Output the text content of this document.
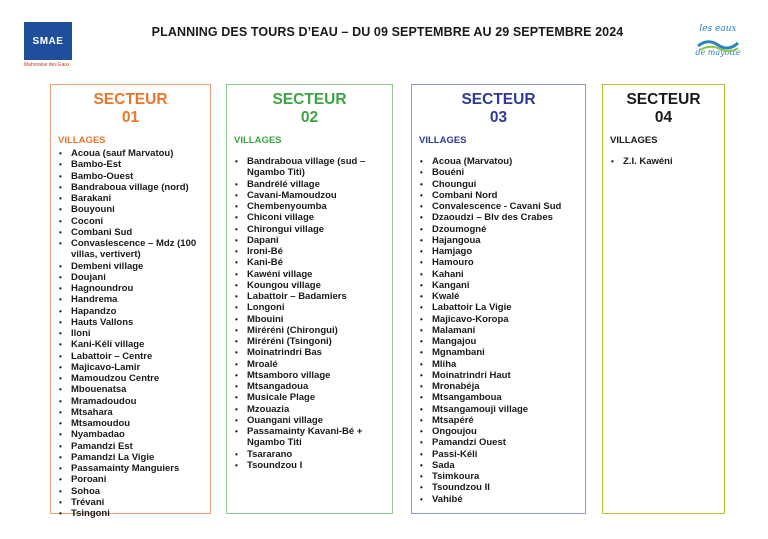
SMAE
Mahoraise des Eaux
PLANNING DES TOURS D’EAU – DU 09 SEPTEMBRE AU 29 SEPTEMBRE 2024	les eaux
de mayotte
SECTEUR
01
VILLAGES
• Acoua (sauf Marvatou)
• Bambo-Est
• Bambo-Ouest
• Bandraboua village (nord)
• Barakani
• Bouyouni
• Coconi
• Combani Sud
• Convaslescence – Mdz (100 villas, vertivert)
• Dembeni village
• Doujani
• Hagnoundrou
• Handrema
• Hapandzo
• Hauts Vallons
• Iloni
• Kani-Kéli village
• Labattoir – Centre
• Majicavo-Lamir
• Mamoudzou Centre
• Mbouenatsa
• Mramadoudou
• Mtsahara
• Mtsamoudou
• Nyambadao
• Pamandzi Est
• Pamandzi La Vigie
• Passamainty Manguiers
• Poroani
• Sohoa
• Trévani
• Tsingoni
SECTEUR
02
VILLAGES
• Bandraboua village (sud – Ngambo Titi)
• Bandrélé village
• Cavani-Mamoudzou
• Chembenyoumba
• Chiconi village
• Chirongui village
• Dapani
• Ironi-Bé
• Kani-Bé
• Kawéni village
• Koungou village
• Labattoir – Badamiers
• Longoni
• Mbouini
• Miréréni (Chirongui)
• Miréréni (Tsingoni)
• Moinatrindri Bas
• Mroalé
• Mtsamboro village
• Mtsangadoua
• Musicale Plage
• Mzouazia
• Ouangani village
• Passamainty Kavani-Bé + Ngambo Titi
• Tsararano
• Tsoundzou I
SECTEUR
03
VILLAGES
• Acoua (Marvatou)
• Bouéni
• Choungui
• Combani Nord
• Convalescence - Cavani Sud
• Dzaoudzi – Blv des Crabes
• Dzoumogné
• Hajangoua
• Hamjago
• Hamouro
• Kahani
• Kangani
• Kwalé
• Labattoir La Vigie
• Majicavo-Koropa
• Malamani
• Mangajou
• Mgnambani
• Mliha
• Moinatrindri Haut
• Mronabéja
• Mtsangamboua
• Mtsangamouji village
• Mtsapéré
• Ongoujou
• Pamandzi Ouest
• Passi-Kéli
• Sada
• Tsimkoura
• Tsoundzou II
• Vahibé
SECTEUR
04
VILLAGES
• Z.I. Kawéni
